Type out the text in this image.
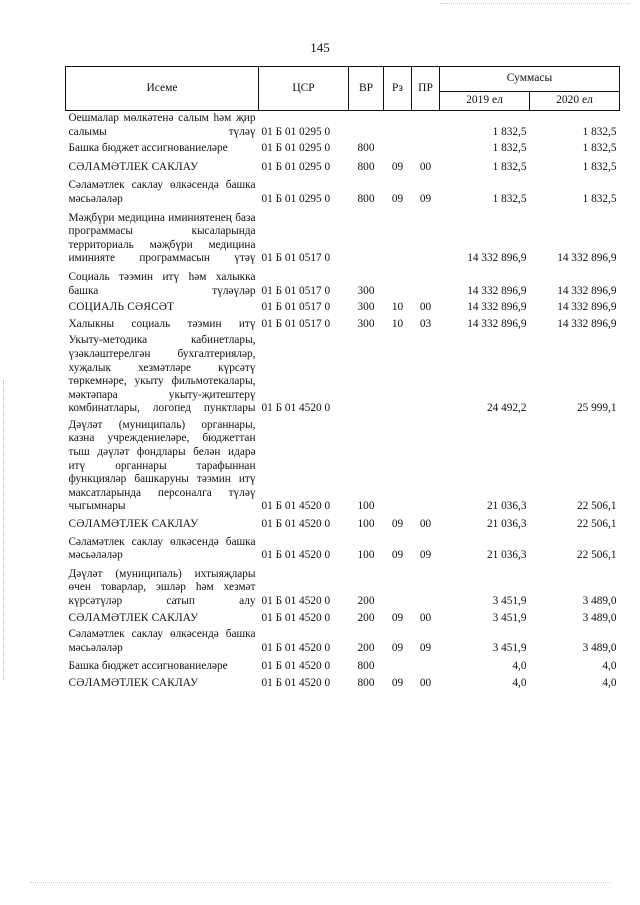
145
Исеме	ЦСР	ВР	Рз	ПР	Суммасы	
					2019 ел	2020 ел
Оешмалар мөлкәтенә салым һәм җир салымы түләү	01 Б 01 0295 0				1 832,5	1 832,5
Башка бюджет ассигнованиеләре	01 Б 01 0295 0	800			1 832,5	1 832,5
СӘЛАМӘТЛЕК САКЛАУ	01 Б 01 0295 0	800	09	00	1 832,5	1 832,5
Сәламәтлек саклау өлкәсендә башка мәсьәләләр	01 Б 01 0295 0	800	09	09	1 832,5	1 832,5
Мәҗбүри медицина иминиятенең база программасы кысаларында территориаль мәҗбүри медицина иминияте программасын үтәү	01 Б 01 0517 0				14 332 896,9	14 332 896,9
Социаль тәэмин итү һәм халыкка башка түләүләр	01 Б 01 0517 0	300			14 332 896,9	14 332 896,9
СОЦИАЛЬ СӘЯСӘТ	01 Б 01 0517 0	300	10	00	14 332 896,9	14 332 896,9
Халыкны социаль тәэмин итү	01 Б 01 0517 0	300	10	03	14 332 896,9	14 332 896,9
Укыту-методика кабинетлары, үзәкләштерелгән бухгалтерияләр, хуҗалык хезмәтләре күрсәтү төркемнәре, укыту фильмотекалары, мәктәпара укыту-җитештерү комбинатлары, логопед пунктлары	01 Б 01 4520 0				24 492,2	25 999,1
Дәүләт (муниципаль) органнары, казна учреждениеләре, бюджеттан тыш дәүләт фондлары белән идарә итү органнары тарафыннан функцияләр башкаруны тәэмин итү максатларында персоналга түләү чыгымнары	01 Б 01 4520 0	100			21 036,3	22 506,1
СӘЛАМӘТЛЕК САКЛАУ	01 Б 01 4520 0	100	09	00	21 036,3	22 506,1
Сәламәтлек саклау өлкәсендә башка мәсьәләләр	01 Б 01 4520 0	100	09	09	21 036,3	22 506,1
Дәүләт (муниципаль) ихтыяҗлары өчен товарлар, эшләр һәм хезмәт күрсәтүләр сатып алу	01 Б 01 4520 0	200			3 451,9	3 489,0
СӘЛАМӘТЛЕК САКЛАУ	01 Б 01 4520 0	200	09	00	3 451,9	3 489,0
Сәламәтлек саклау өлкәсендә башка мәсьәләләр	01 Б 01 4520 0	200	09	09	3 451,9	3 489,0
Башка бюджет ассигнованиеләре	01 Б 01 4520 0	800			4,0	4,0
СӘЛАМӘТЛЕК САКЛАУ	01 Б 01 4520 0	800	09	00	4,0	4,0
